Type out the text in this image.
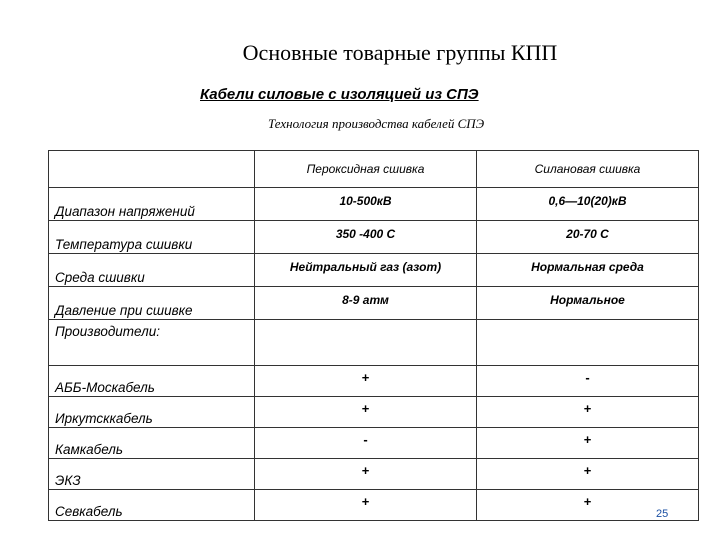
Основные товарные группы КПП
Кабели силовые с изоляцией из СПЭ
Технология производства кабелей СПЭ
	Пероксидная сшивка	Силановая сшивка
Диапазон напряжений	10-500кВ	0,6—10(20)кВ
Температура сшивки	350 -400 С	20-70 С
Среда сшивки	Нейтральный газ (азот)	Нормальная среда
Давление при сшивке	8-9 атм	Нормальное
Производители:		
АББ-Москабель	+	-
Иркутсккабель	+	+
Камкабель	-	+
ЭКЗ	+	+
Севкабель	+	+
25
